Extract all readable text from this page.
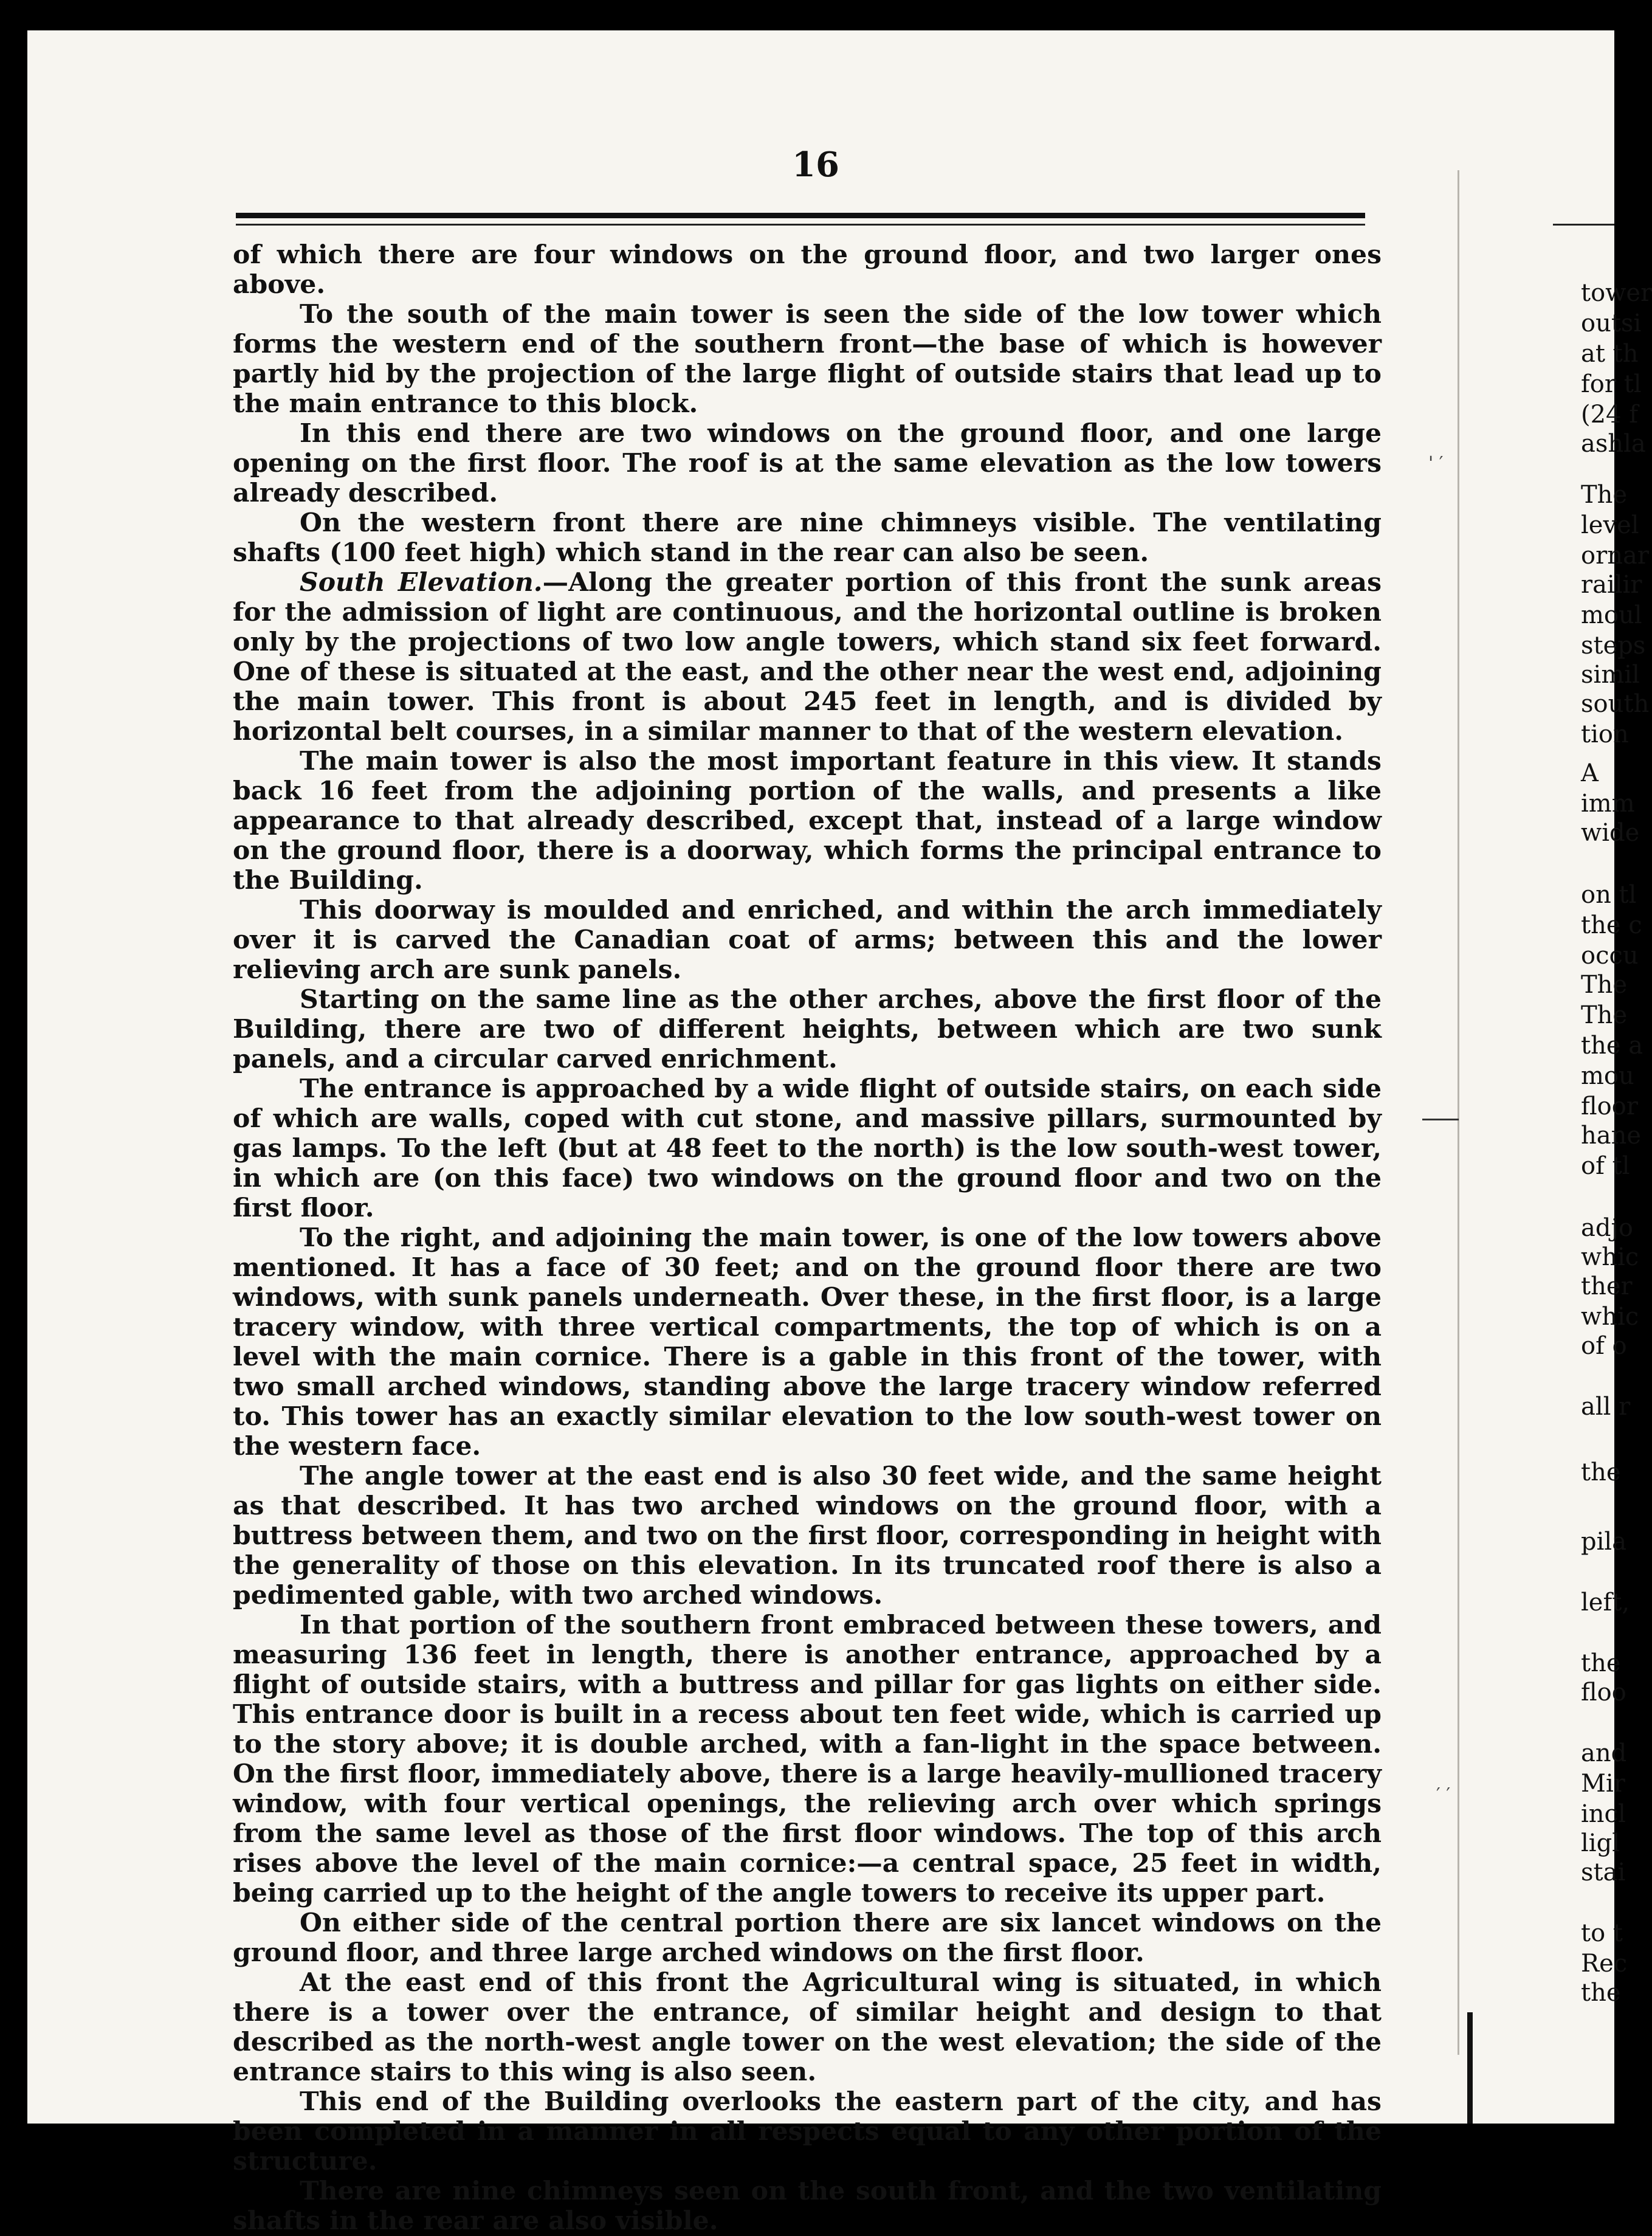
16

of which there are four windows on the ground floor, and two larger ones above.

To the south of the main tower is seen the side of the low tower which forms the western end of the southern front—the base of which is however partly hid by the projection of the large flight of outside stairs that lead up to the main entrance to this block.

In this end there are two windows on the ground floor, and one large opening on the first floor. The roof is at the same elevation as the low towers already described.

On the western front there are nine chimneys visible. The ventilating shafts (100 feet high) which stand in the rear can also be seen.

South Elevation.—Along the greater portion of this front the sunk areas for the admission of light are continuous, and the horizontal outline is broken only by the projections of two low angle towers, which stand six feet forward. One of these is situated at the east, and the other near the west end, adjoining the main tower. This front is about 245 feet in length, and is divided by horizontal belt courses, in a similar manner to that of the western elevation.

The main tower is also the most important feature in this view. It stands back 16 feet from the adjoining portion of the walls, and presents a like appearance to that already described, except that, instead of a large window on the ground floor, there is a doorway, which forms the principal entrance to the Building.

This doorway is moulded and enriched, and within the arch immediately over it is carved the Canadian coat of arms; between this and the lower relieving arch are sunk panels.

Starting on the same line as the other arches, above the first floor of the Building, there are two of different heights, between which are two sunk panels, and a circular carved enrichment.

The entrance is approached by a wide flight of outside stairs, on each side of which are walls, coped with cut stone, and massive pillars, surmounted by gas lamps. To the left (but at 48 feet to the north) is the low south-west tower, in which are (on this face) two windows on the ground floor and two on the first floor.

To the right, and adjoining the main tower, is one of the low towers above mentioned. It has a face of 30 feet; and on the ground floor there are two windows, with sunk panels underneath. Over these, in the first floor, is a large tracery window, with three vertical compartments, the top of which is on a level with the main cornice. There is a gable in this front of the tower, with two small arched windows, standing above the large tracery window referred to. This tower has an exactly similar elevation to the low south-west tower on the western face.

The angle tower at the east end is also 30 feet wide, and the same height as that described. It has two arched windows on the ground floor, with a buttress between them, and two on the first floor, corresponding in height with the generality of those on this elevation. In its truncated roof there is also a pedimented gable, with two arched windows.

In that portion of the southern front embraced between these towers, and measuring 136 feet in length, there is another entrance, approached by a flight of outside stairs, with a buttress and pillar for gas lights on either side. This entrance door is built in a recess about ten feet wide, which is carried up to the story above; it is double arched, with a fan-light in the space between. On the first floor, immediately above, there is a large heavily-mullioned tracery window, with four vertical openings, the relieving arch over which springs from the same level as those of the first floor windows. The top of this arch rises above the level of the main cornice:—a central space, 25 feet in width, being carried up to the height of the angle towers to receive its upper part.

On either side of the central portion there are six lancet windows on the ground floor, and three large arched windows on the first floor.

At the east end of this front the Agricultural wing is situated, in which there is a tower over the entrance, of similar height and design to that described as the north-west angle tower on the west elevation; the side of the entrance stairs to this wing is also seen.

This end of the Building overlooks the eastern part of the city, and has been completed in a manner in all respects equal to any other portion of the structure.

There are nine chimneys seen on the south front, and the two ventilating shafts in the rear are also visible.

' ′
′ ′
tower
outsi
at th
for tl
(24 f
ashla
The
level
ornar
railir
moul
steps
simil
south
tion
A
imm
wide
on tl
the c
occu
The
The
the a
mou
floor
hane
of tl
adjo
whic
ther
whic
of o
all r
the
pila
left,
the
floo
and
Mir
incl
ligl
stai
to t
Rec
the
